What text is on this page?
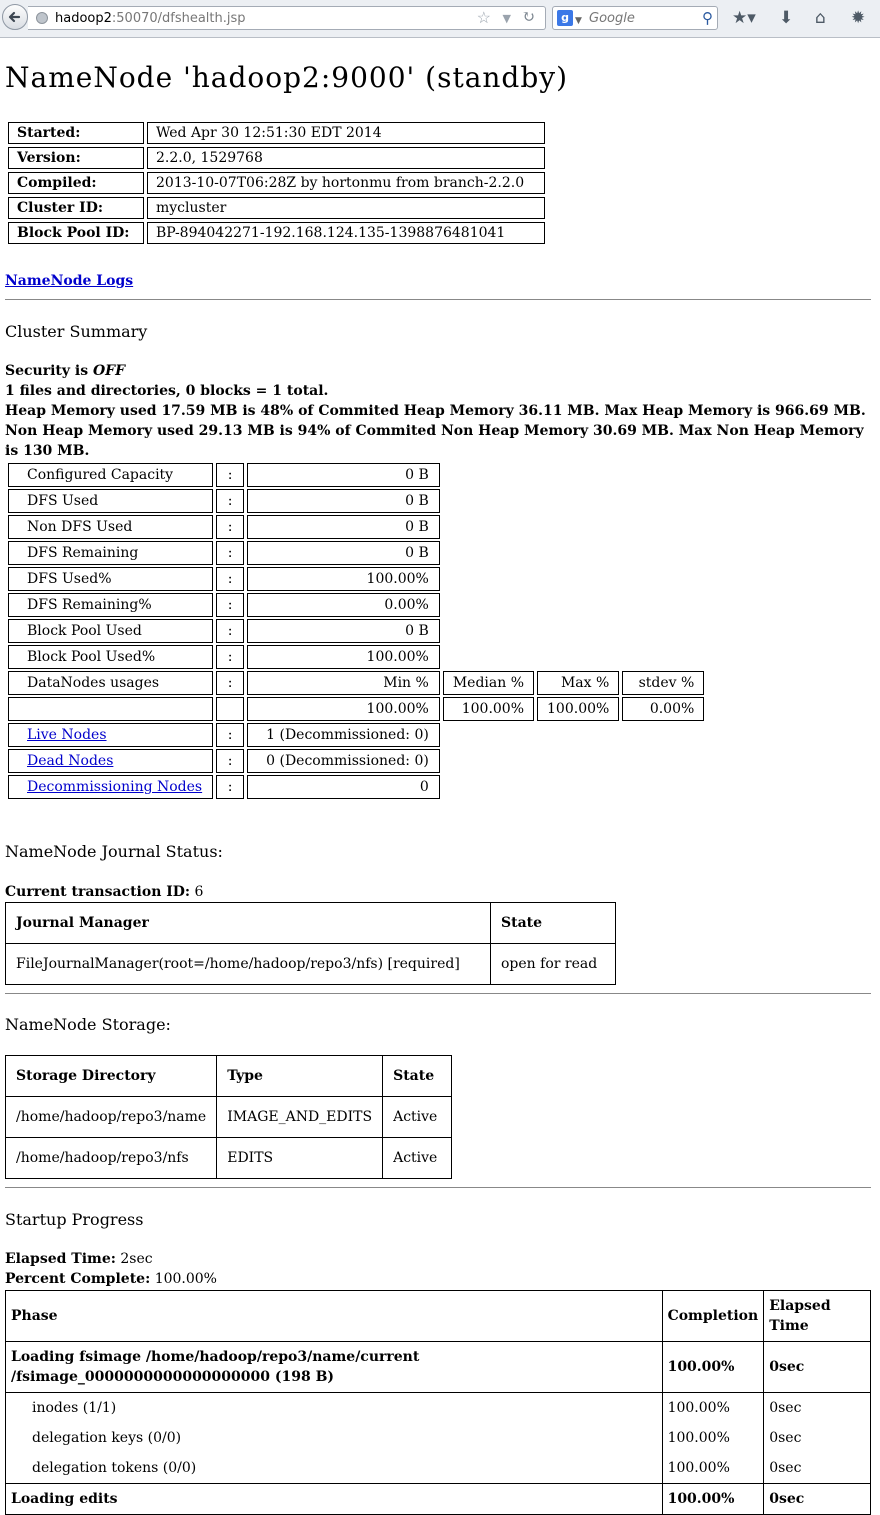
hadoop2:50070/dfshealth.jsp	☆ ▼ ↻	g ▼ Google	⚲ ★▾ ⬇ ⌂ ✹
NameNode 'hadoop2:9000' (standby)
Started:	Wed Apr 30 12:51:30 EDT 2014
Version:	2.2.0, 1529768
Compiled:	2013-10-07T06:28Z by hortonmu from branch-2.2.0
Cluster ID:	mycluster
Block Pool ID:	BP-894042271-192.168.124.135-1398876481041
NameNode Logs
Cluster Summary

Security is OFF

1 files and directories, 0 blocks = 1 total.

Heap Memory used 17.59 MB is 48% of Commited Heap Memory 36.11 MB. Max Heap Memory is 966.69 MB.

Non Heap Memory used 29.13 MB is 94% of Commited Non Heap Memory 30.69 MB. Max Non Heap Memory is 130 MB.

Configured Capacity	:	0 B			
DFS Used	:	0 B			
Non DFS Used	:	0 B			
DFS Remaining	:	0 B			
DFS Used%	:	100.00%			
DFS Remaining%	:	0.00%			
Block Pool Used	:	0 B			
Block Pool Used%	:	100.00%			
DataNodes usages	:	Min %	Median %	Max %	stdev %
		100.00%	100.00%	100.00%	0.00%
Live Nodes	:	1 (Decommissioned: 0)			
Dead Nodes	:	0 (Decommissioned: 0)			
Decommissioning Nodes	:	0			
NameNode Journal Status:
Current transaction ID: 6
Journal Manager	State
FileJournalManager(root=/home/hadoop/repo3/nfs) [required]	open for read
NameNode Storage:
Storage Directory	Type	State
/home/hadoop/repo3/name	IMAGE_AND_EDITS	Active
/home/hadoop/repo3/nfs	EDITS	Active
Startup Progress
Elapsed Time: 2sec
Percent Complete: 100.00%
Phase	Completion	Elapsed
Time
Loading fsimage /home/hadoop/repo3/name/current
/fsimage_0000000000000000000 (198 B)	100.00%	0sec
inodes (1/1)	100.00%	0sec
delegation keys (0/0)	100.00%	0sec
delegation tokens (0/0)	100.00%	0sec
Loading edits	100.00%	0sec
